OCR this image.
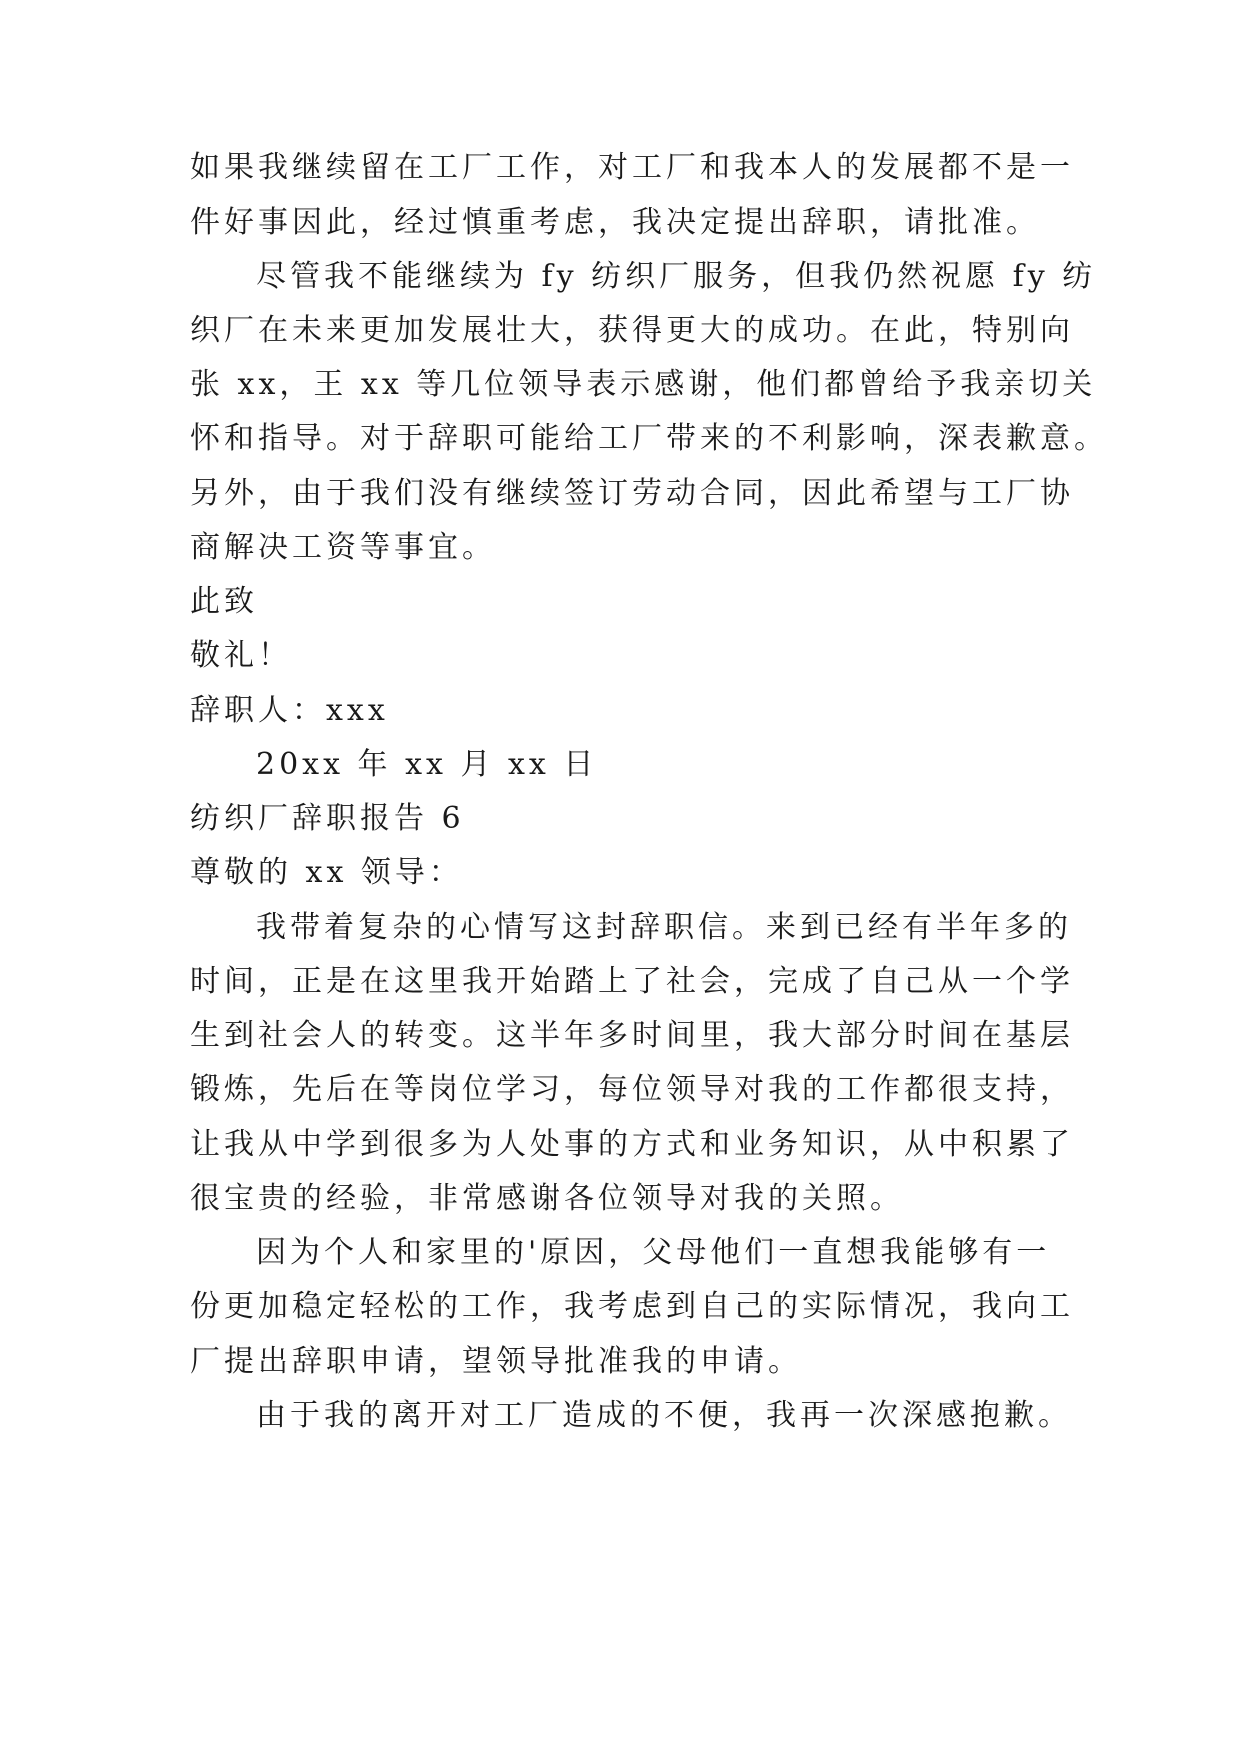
如果我继续留在工厂工作，对工厂和我本人的发展都不是一
件好事因此，经过慎重考虑，我决定提出辞职，请批准。
尽管我不能继续为 fy 纺织厂服务，但我仍然祝愿 fy 纺
织厂在未来更加发展壮大，获得更大的成功。在此，特别向
张 xx，王 xx 等几位领导表示感谢，他们都曾给予我亲切关
怀和指导。对于辞职可能给工厂带来的不利影响，深表歉意。
另外，由于我们没有继续签订劳动合同，因此希望与工厂协
商解决工资等事宜。
此致
敬礼！
辞职人：xxx
20xx 年 xx 月 xx 日
纺织厂辞职报告 6
尊敬的 xx 领导：
我带着复杂的心情写这封辞职信。来到已经有半年多的
时间，正是在这里我开始踏上了社会，完成了自己从一个学
生到社会人的转变。这半年多时间里，我大部分时间在基层
锻炼，先后在等岗位学习，每位领导对我的工作都很支持，
让我从中学到很多为人处事的方式和业务知识，从中积累了
很宝贵的经验，非常感谢各位领导对我的关照。
因为个人和家里的'原因，父母他们一直想我能够有一
份更加稳定轻松的工作，我考虑到自己的实际情况，我向工
厂提出辞职申请，望领导批准我的申请。
由于我的离开对工厂造成的不便，我再一次深感抱歉。
